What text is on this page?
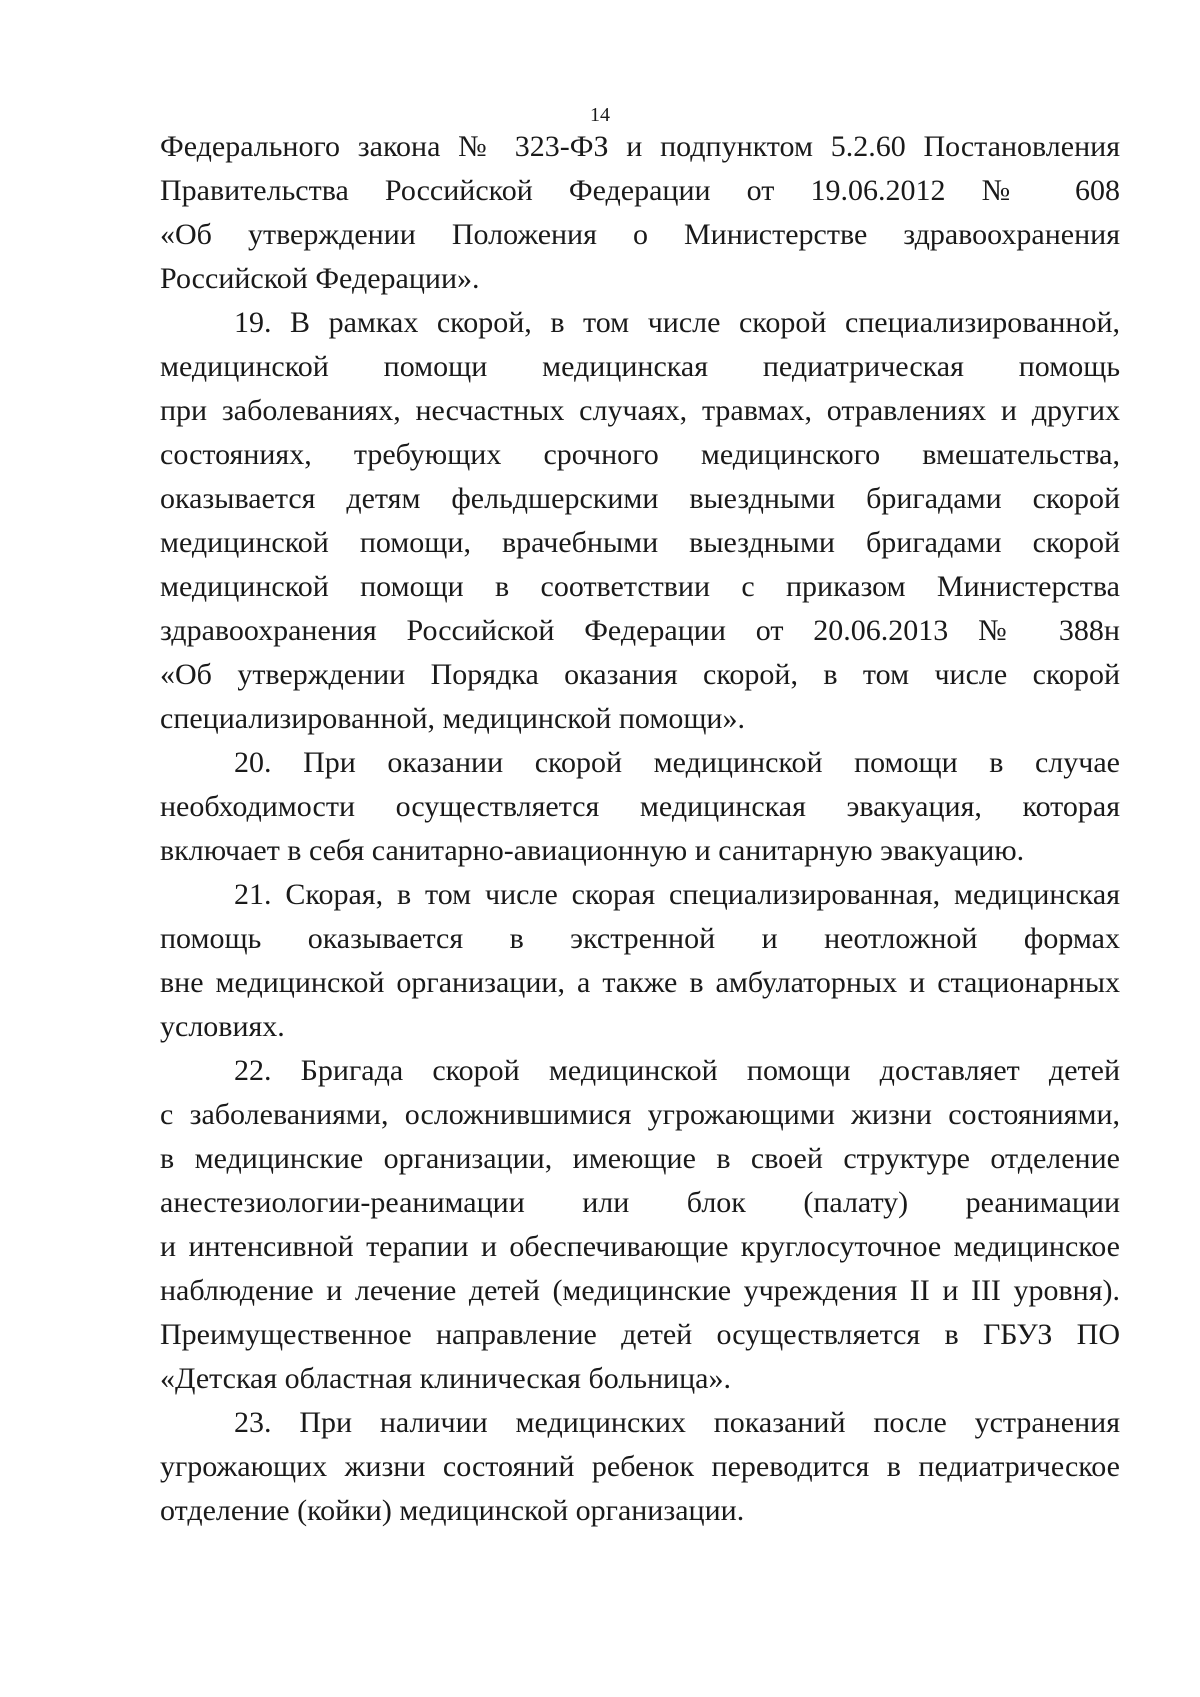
14
Федерального закона № 323-ФЗ и подпунктом 5.2.60 Постановления
Правительства Российской Федерации от 19.06.2012 № 608
«Об утверждении Положения о Министерстве здравоохранения
Российской Федерации».
19. В рамках скорой, в том числе скорой специализированной,
медицинской помощи медицинская педиатрическая помощь
при заболеваниях, несчастных случаях, травмах, отравлениях и других
состояниях, требующих срочного медицинского вмешательства,
оказывается детям фельдшерскими выездными бригадами скорой
медицинской помощи, врачебными выездными бригадами скорой
медицинской помощи в соответствии с приказом Министерства
здравоохранения Российской Федерации от 20.06.2013 № 388н
«Об утверждении Порядка оказания скорой, в том числе скорой
специализированной, медицинской помощи».
20. При оказании скорой медицинской помощи в случае
необходимости осуществляется медицинская эвакуация, которая
включает в себя санитарно-авиационную и санитарную эвакуацию.
21. Скорая, в том числе скорая специализированная, медицинская
помощь оказывается в экстренной и неотложной формах
вне медицинской организации, а также в амбулаторных и стационарных
условиях.
22. Бригада скорой медицинской помощи доставляет детей
с заболеваниями, осложнившимися угрожающими жизни состояниями,
в медицинские организации, имеющие в своей структуре отделение
анестезиологии-реанимации или блок (палату) реанимации
и интенсивной терапии и обеспечивающие круглосуточное медицинское
наблюдение и лечение детей (медицинские учреждения II и III уровня).
Преимущественное направление детей осуществляется в ГБУЗ ПО
«Детская областная клиническая больница».
23. При наличии медицинских показаний после устранения
угрожающих жизни состояний ребенок переводится в педиатрическое
отделение (койки) медицинской организации.
